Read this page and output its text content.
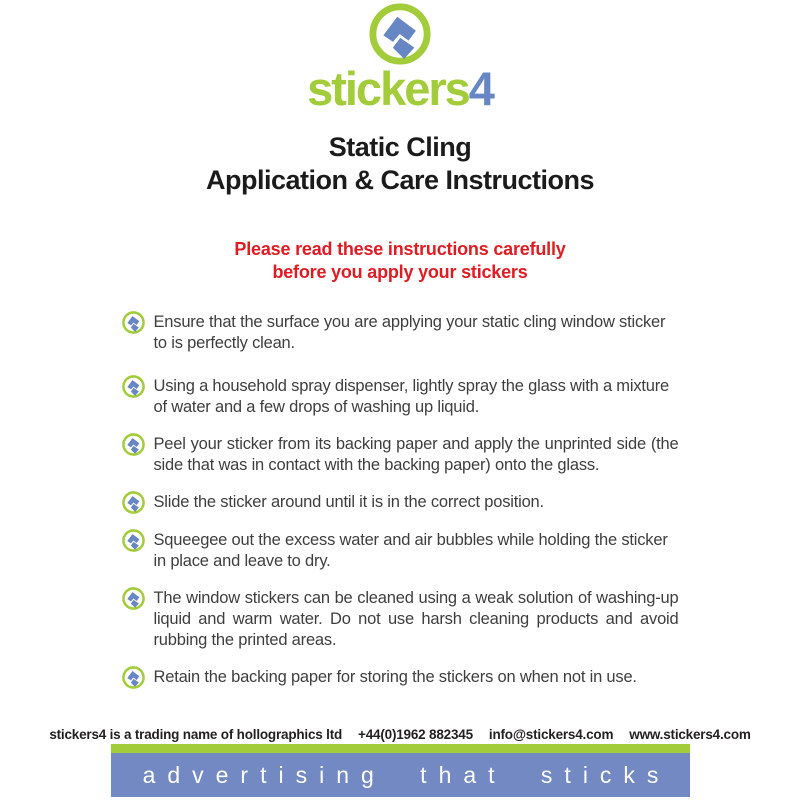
stickers4
Static Cling
Application & Care Instructions
Please read these instructions carefully
before you apply your stickers
Ensure that the surface you are applying your static cling window sticker to is perfectly clean.
Using a household spray dispenser, lightly spray the glass with a mixture of water and a few drops of washing up liquid.
Peel your sticker from its backing paper and apply the unprinted side (the side that was in contact with the backing paper) onto the glass.
Slide the sticker around until it is in the correct position.
Squeegee out the excess water and air bubbles while holding the sticker in place and leave to dry.
The window stickers can be cleaned using a weak solution of washing-up liquid and warm water. Do not use harsh cleaning products and avoid rubbing the printed areas.
Retain the backing paper for storing the stickers on when not in use.
stickers4 is a trading name of hollographics ltd +44(0)1962 882345 info@stickers4.com www.stickers4.com
advertising that sticks
